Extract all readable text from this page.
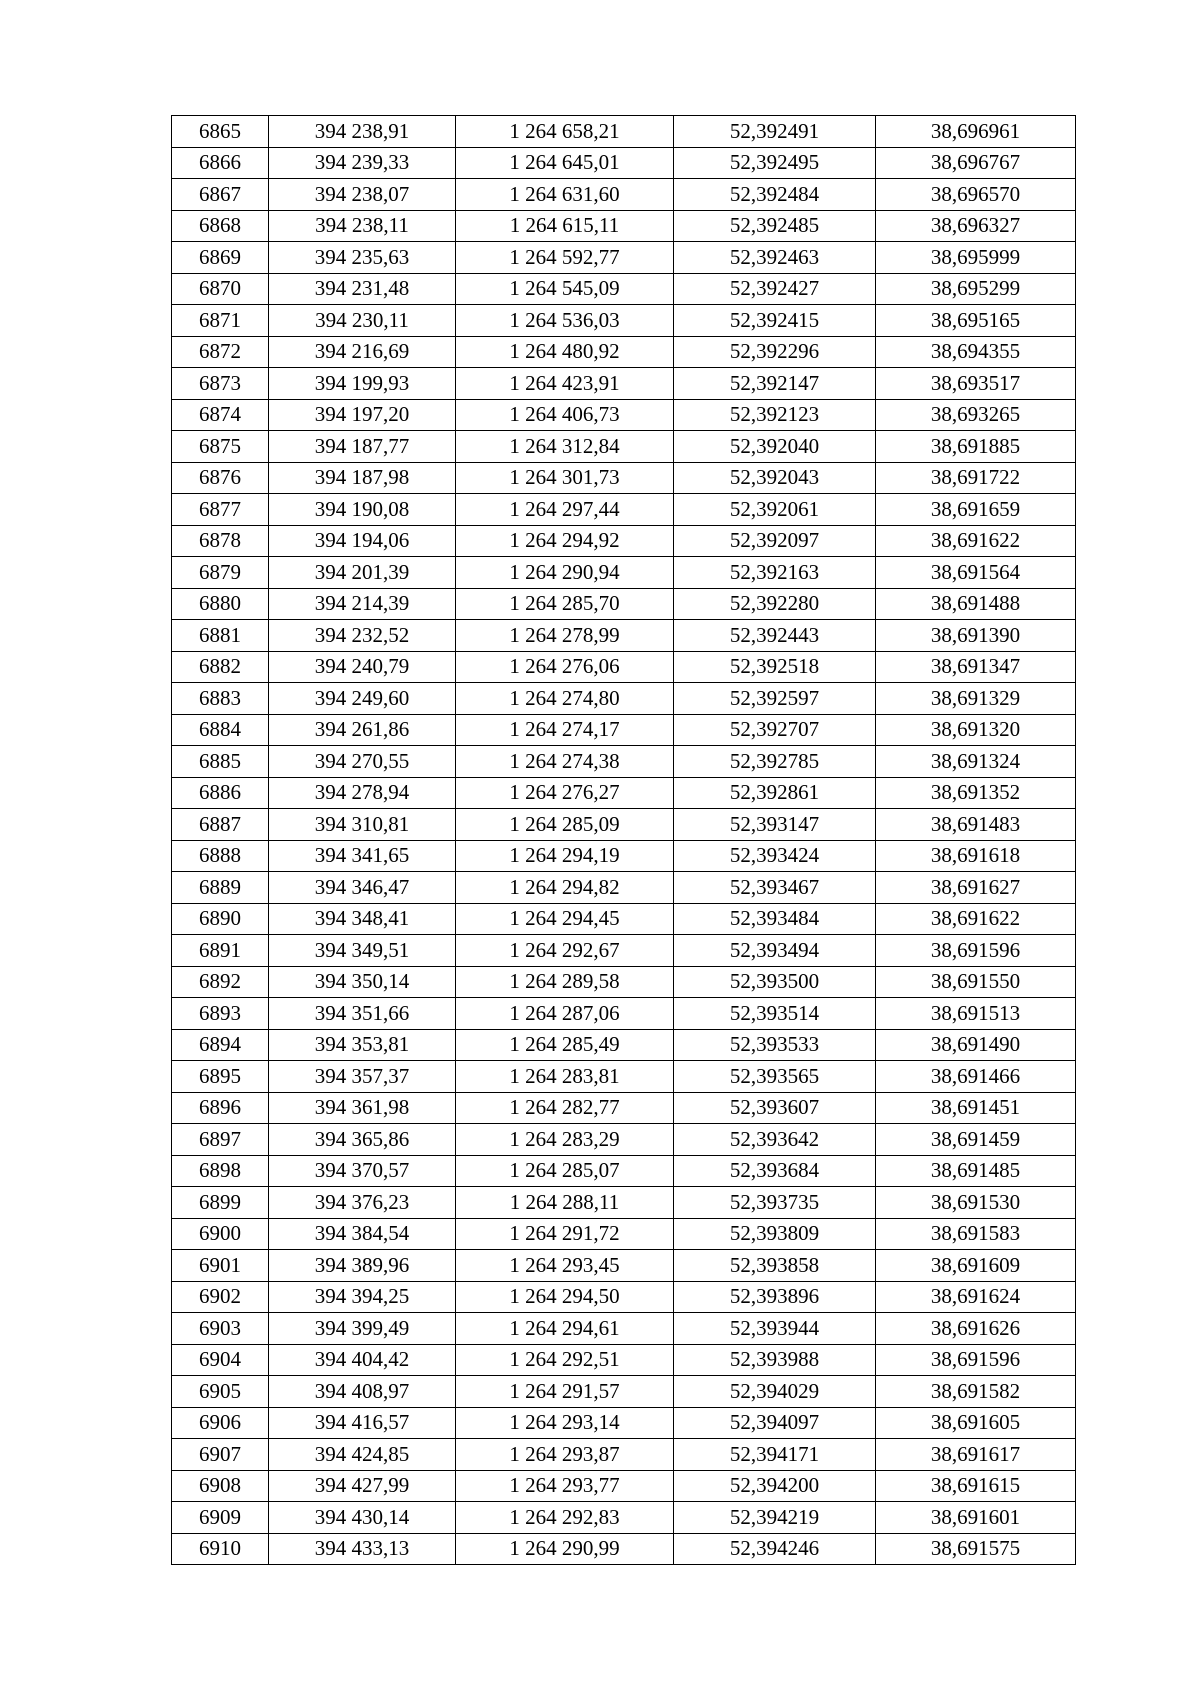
6865	394 238,91	1 264 658,21	52,392491	38,696961
6866	394 239,33	1 264 645,01	52,392495	38,696767
6867	394 238,07	1 264 631,60	52,392484	38,696570
6868	394 238,11	1 264 615,11	52,392485	38,696327
6869	394 235,63	1 264 592,77	52,392463	38,695999
6870	394 231,48	1 264 545,09	52,392427	38,695299
6871	394 230,11	1 264 536,03	52,392415	38,695165
6872	394 216,69	1 264 480,92	52,392296	38,694355
6873	394 199,93	1 264 423,91	52,392147	38,693517
6874	394 197,20	1 264 406,73	52,392123	38,693265
6875	394 187,77	1 264 312,84	52,392040	38,691885
6876	394 187,98	1 264 301,73	52,392043	38,691722
6877	394 190,08	1 264 297,44	52,392061	38,691659
6878	394 194,06	1 264 294,92	52,392097	38,691622
6879	394 201,39	1 264 290,94	52,392163	38,691564
6880	394 214,39	1 264 285,70	52,392280	38,691488
6881	394 232,52	1 264 278,99	52,392443	38,691390
6882	394 240,79	1 264 276,06	52,392518	38,691347
6883	394 249,60	1 264 274,80	52,392597	38,691329
6884	394 261,86	1 264 274,17	52,392707	38,691320
6885	394 270,55	1 264 274,38	52,392785	38,691324
6886	394 278,94	1 264 276,27	52,392861	38,691352
6887	394 310,81	1 264 285,09	52,393147	38,691483
6888	394 341,65	1 264 294,19	52,393424	38,691618
6889	394 346,47	1 264 294,82	52,393467	38,691627
6890	394 348,41	1 264 294,45	52,393484	38,691622
6891	394 349,51	1 264 292,67	52,393494	38,691596
6892	394 350,14	1 264 289,58	52,393500	38,691550
6893	394 351,66	1 264 287,06	52,393514	38,691513
6894	394 353,81	1 264 285,49	52,393533	38,691490
6895	394 357,37	1 264 283,81	52,393565	38,691466
6896	394 361,98	1 264 282,77	52,393607	38,691451
6897	394 365,86	1 264 283,29	52,393642	38,691459
6898	394 370,57	1 264 285,07	52,393684	38,691485
6899	394 376,23	1 264 288,11	52,393735	38,691530
6900	394 384,54	1 264 291,72	52,393809	38,691583
6901	394 389,96	1 264 293,45	52,393858	38,691609
6902	394 394,25	1 264 294,50	52,393896	38,691624
6903	394 399,49	1 264 294,61	52,393944	38,691626
6904	394 404,42	1 264 292,51	52,393988	38,691596
6905	394 408,97	1 264 291,57	52,394029	38,691582
6906	394 416,57	1 264 293,14	52,394097	38,691605
6907	394 424,85	1 264 293,87	52,394171	38,691617
6908	394 427,99	1 264 293,77	52,394200	38,691615
6909	394 430,14	1 264 292,83	52,394219	38,691601
6910	394 433,13	1 264 290,99	52,394246	38,691575
